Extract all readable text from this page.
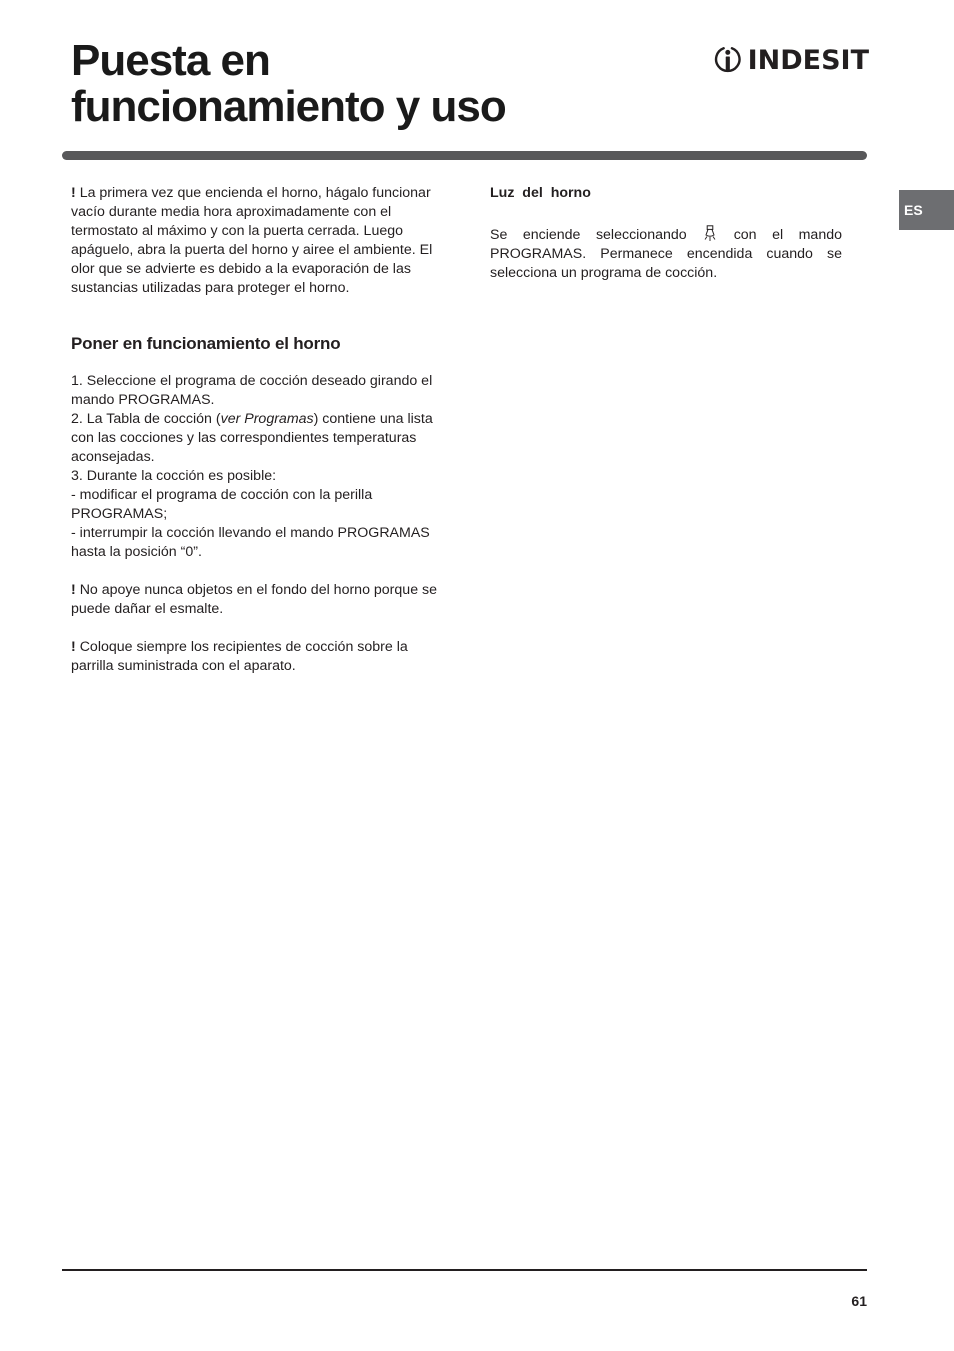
Puesta en
funcionamiento y uso
INDESIT
ES

! La primera vez que encienda el horno, hágalo funcionar vacío durante media hora aproximadamente con el termostato al máximo y con la puerta cerrada. Luego apáguelo, abra la puerta del horno y airee el ambiente. El olor que se advierte es debido a la evaporación de las sustancias utilizadas para proteger el horno.

Poner en funcionamiento el horno

1. Seleccione el programa de cocción deseado girando el mando PROGRAMAS.

2. La Tabla de cocción (ver Programas) contiene una lista con las cocciones y las correspondientes temperaturas aconsejadas.

3. Durante la cocción es posible:

- modificar el programa de cocción con la perilla PROGRAMAS;

- interrumpir la cocción llevando el mando PROGRAMAS hasta la posición “0”.

! No apoye nunca objetos en el fondo del horno porque se puede dañar el esmalte.

! Coloque siempre los recipientes de cocción sobre la parrilla suministrada con el aparato.

Luz  del  horno

Se enciende seleccionando	con el mando PROGRAMAS. Permanece encendida cuando se selecciona un programa de cocción.

61
